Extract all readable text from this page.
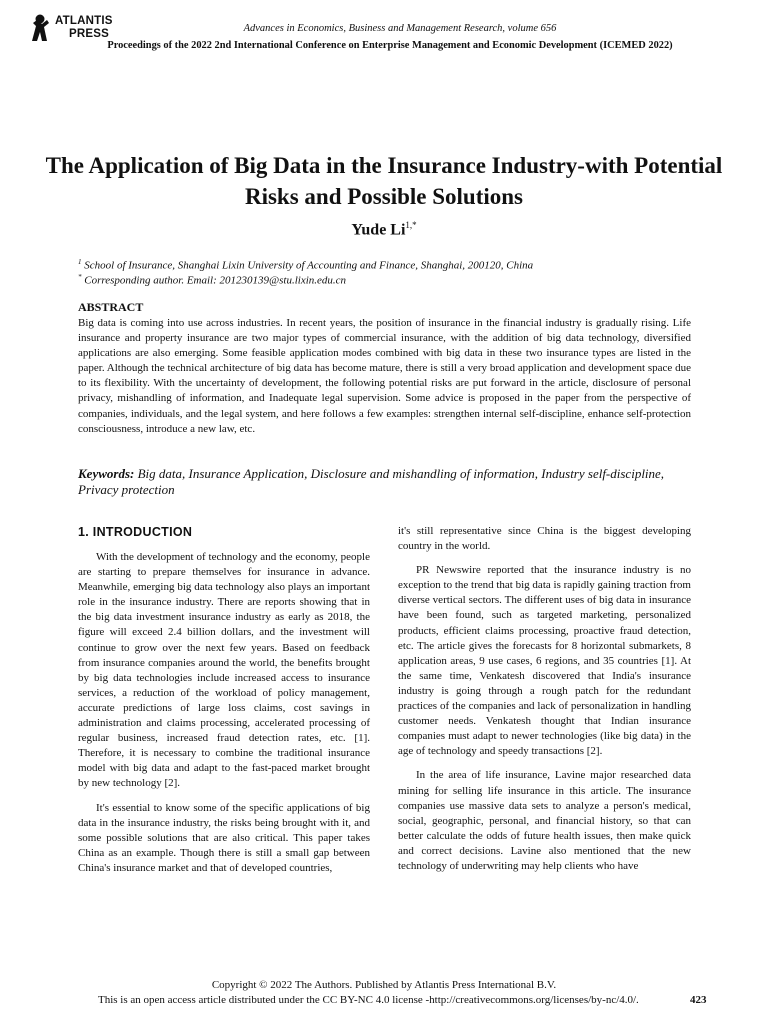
ATLANTIS
PRESS	Advances in Economics, Business and Management Research, volume 656
Proceedings of the 2022 2nd International Conference on Enterprise Management and Economic Development (ICEMED 2022)
The Application of Big Data in the Insurance Industry-with Potential Risks and Possible Solutions
Yude $Li^{1,*}$
$^1$ School of Insurance, Shanghai Lixin University of Accounting and Finance, Shanghai, 200120, China
* Corresponding author. Email: 201230139@stu.lixin.edu.cn
ABSTRACT

Big data is coming into use across industries. In recent years, the position of insurance in the financial industry is gradually rising. Life insurance and property insurance are two major types of commercial insurance, with the addition of big data technology, diversified applications are also emerging. Some feasible application modes combined with big data in these two insurance types are listed in the paper. Although the technical architecture of big data has become mature, there is still a very broad application and development space due to its flexibility. With the uncertainty of development, the following potential risks are put forward in the article, disclosure of personal privacy, mishandling of information, and Inadequate legal supervision. Some advice is proposed in the paper from the perspective of companies, individuals, and the legal system, and here follows a few examples: strengthen internal self-discipline, enhance self-protection consciousness, introduce a new law, etc.

Keywords: Big data, Insurance Application, Disclosure and mishandling of information, Industry self-discipline, Privacy protection

1. INTRODUCTION

With the development of technology and the economy, people are starting to prepare themselves for insurance in advance. Meanwhile, emerging big data technology also plays an important role in the insurance industry. There are reports showing that in the big data investment insurance industry as early as 2018, the figure will exceed 2.4 billion dollars, and the investment will continue to grow over the next few years. Based on feedback from insurance companies around the world, the benefits brought by big data technologies include increased access to insurance services, a reduction of the workload of policy management, accurate predictions of large loss claims, cost savings in administration and claims processing, accelerated processing of regular business, increased fraud detection rates, etc. [1]. Therefore, it is necessary to combine the traditional insurance model with big data and adapt to the fast-paced market brought by new technology [2].

It's essential to know some of the specific applications of big data in the insurance industry, the risks being brought with it, and some possible solutions that are also critical. This paper takes China as an example. Though there is still a small gap between China's insurance market and that of developed countries,

it's still representative since China is the biggest developing country in the world.

PR Newswire reported that the insurance industry is no exception to the trend that big data is rapidly gaining traction from diverse vertical sectors. The different uses of big data in insurance have been found, such as targeted marketing, personalized products, efficient claims processing, proactive fraud detection, etc. The article gives the forecasts for 8 horizontal submarkets, 8 application areas, 9 use cases, 6 regions, and 35 countries [1]. At the same time, Venkatesh discovered that India's insurance industry is going through a rough patch for the redundant practices of the companies and lack of personalization in handling customer needs. Venkatesh thought that Indian insurance companies must adapt to newer technologies (like big data) in the age of technology and speedy transactions [2].

In the area of life insurance, Lavine major researched data mining for selling life insurance in this article. The insurance companies use massive data sets to analyze a person's medical, social, geographic, personal, and financial history, so that can better calculate the odds of future health issues, then make quick and correct decisions. Lavine also mentioned that the new technology of underwriting may help clients who have

Copyright © 2022 The Authors. Published by Atlantis Press International B.V.
This is an open access article distributed under the CC BY-NC 4.0 license -http://creativecommons.org/licenses/by-nc/4.0/.	423
